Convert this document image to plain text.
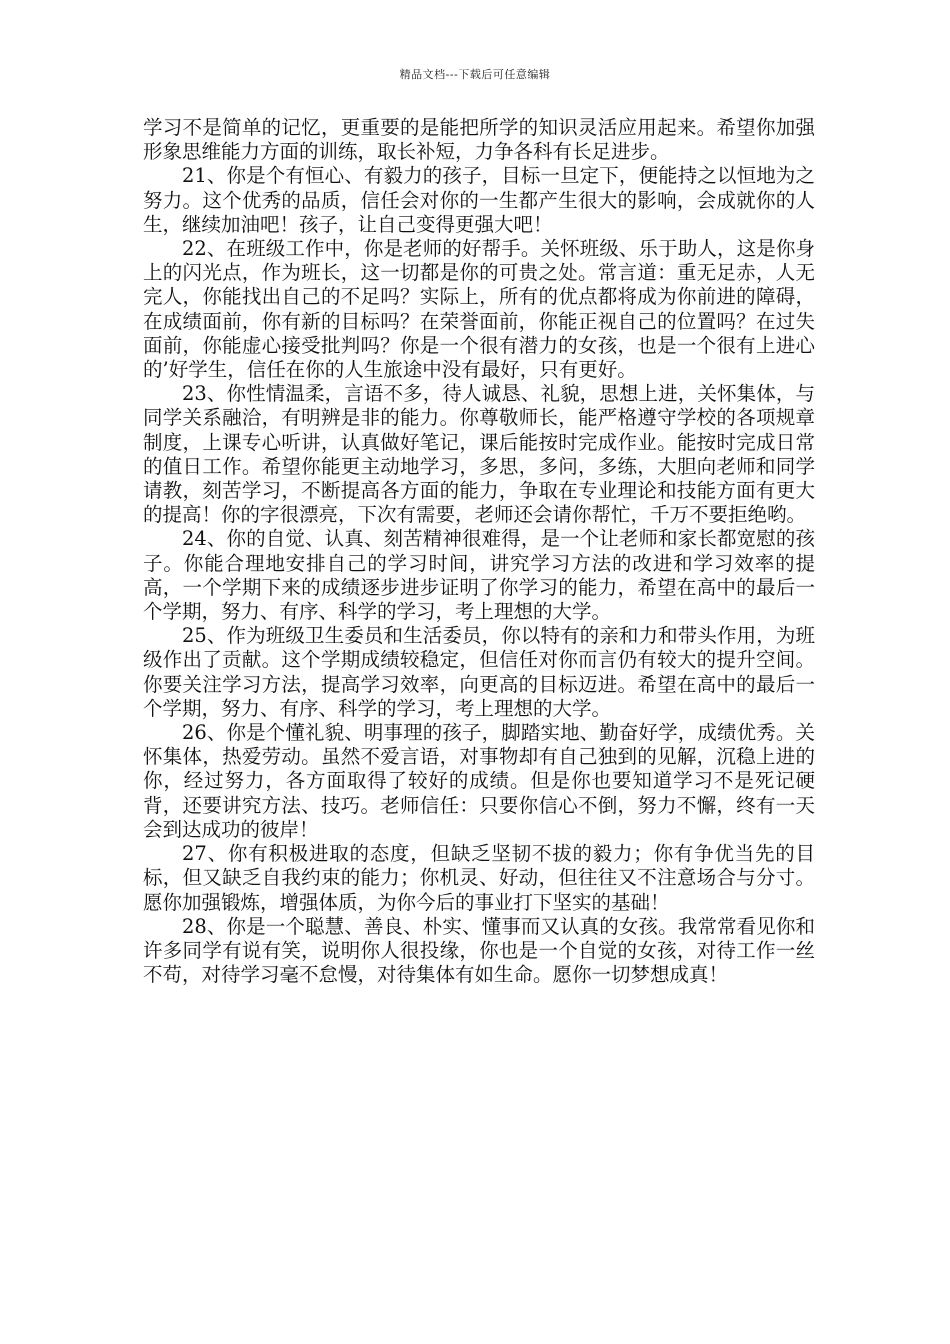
精品文档---下载后可任意编辑

学习不是简单的记忆，更重要的是能把所学的知识灵活应用起来。希望你加强形象思维能力方面的训练，取长补短，力争各科有长足进步。

21、你是个有恒心、有毅力的孩子，目标一旦定下，便能持之以恒地为之努力。这个优秀的品质，信任会对你的一生都产生很大的影响，会成就你的人生，继续加油吧！孩子，让自己变得更强大吧！

22、在班级工作中，你是老师的好帮手。关怀班级、乐于助人，这是你身上的闪光点，作为班长，这一切都是你的可贵之处。常言道：重无足赤，人无完人，你能找出自己的不足吗？实际上，所有的优点都将成为你前进的障碍，在成绩面前，你有新的目标吗？在荣誉面前，你能正视自己的位置吗？在过失面前，你能虚心接受批判吗？你是一个很有潜力的女孩，也是一个很有上进心的’好学生，信任在你的人生旅途中没有最好，只有更好。

23、你性情温柔，言语不多，待人诚恳、礼貌，思想上进，关怀集体，与同学关系融洽，有明辨是非的能力。你尊敬师长，能严格遵守学校的各项规章制度，上课专心听讲，认真做好笔记，课后能按时完成作业。能按时完成日常的值日工作。希望你能更主动地学习，多思，多问，多练，大胆向老师和同学请教，刻苦学习，不断提高各方面的能力，争取在专业理论和技能方面有更大的提高！你的字很漂亮，下次有需要，老师还会请你帮忙，千万不要拒绝哟。

24、你的自觉、认真、刻苦精神很难得，是一个让老师和家长都宽慰的孩子。你能合理地安排自己的学习时间，讲究学习方法的改进和学习效率的提高，一个学期下来的成绩逐步进步证明了你学习的能力，希望在高中的最后一个学期，努力、有序、科学的学习，考上理想的大学。

25、作为班级卫生委员和生活委员，你以特有的亲和力和带头作用，为班级作出了贡献。这个学期成绩较稳定，但信任对你而言仍有较大的提升空间。你要关注学习方法，提高学习效率，向更高的目标迈进。希望在高中的最后一个学期，努力、有序、科学的学习，考上理想的大学。

26、你是个懂礼貌、明事理的孩子，脚踏实地、勤奋好学，成绩优秀。关怀集体，热爱劳动。虽然不爱言语，对事物却有自己独到的见解，沉稳上进的你，经过努力，各方面取得了较好的成绩。但是你也要知道学习不是死记硬背，还要讲究方法、技巧。老师信任：只要你信心不倒，努力不懈，终有一天会到达成功的彼岸！

27、你有积极进取的态度，但缺乏坚韧不拔的毅力；你有争优当先的目标，但又缺乏自我约束的能力；你机灵、好动，但往往又不注意场合与分寸。愿你加强锻炼，增强体质，为你今后的事业打下坚实的基础！

28、你是一个聪慧、善良、朴实、懂事而又认真的女孩。我常常看见你和许多同学有说有笑，说明你人很投缘，你也是一个自觉的女孩，对待工作一丝不苟，对待学习毫不怠慢，对待集体有如生命。愿你一切梦想成真！
